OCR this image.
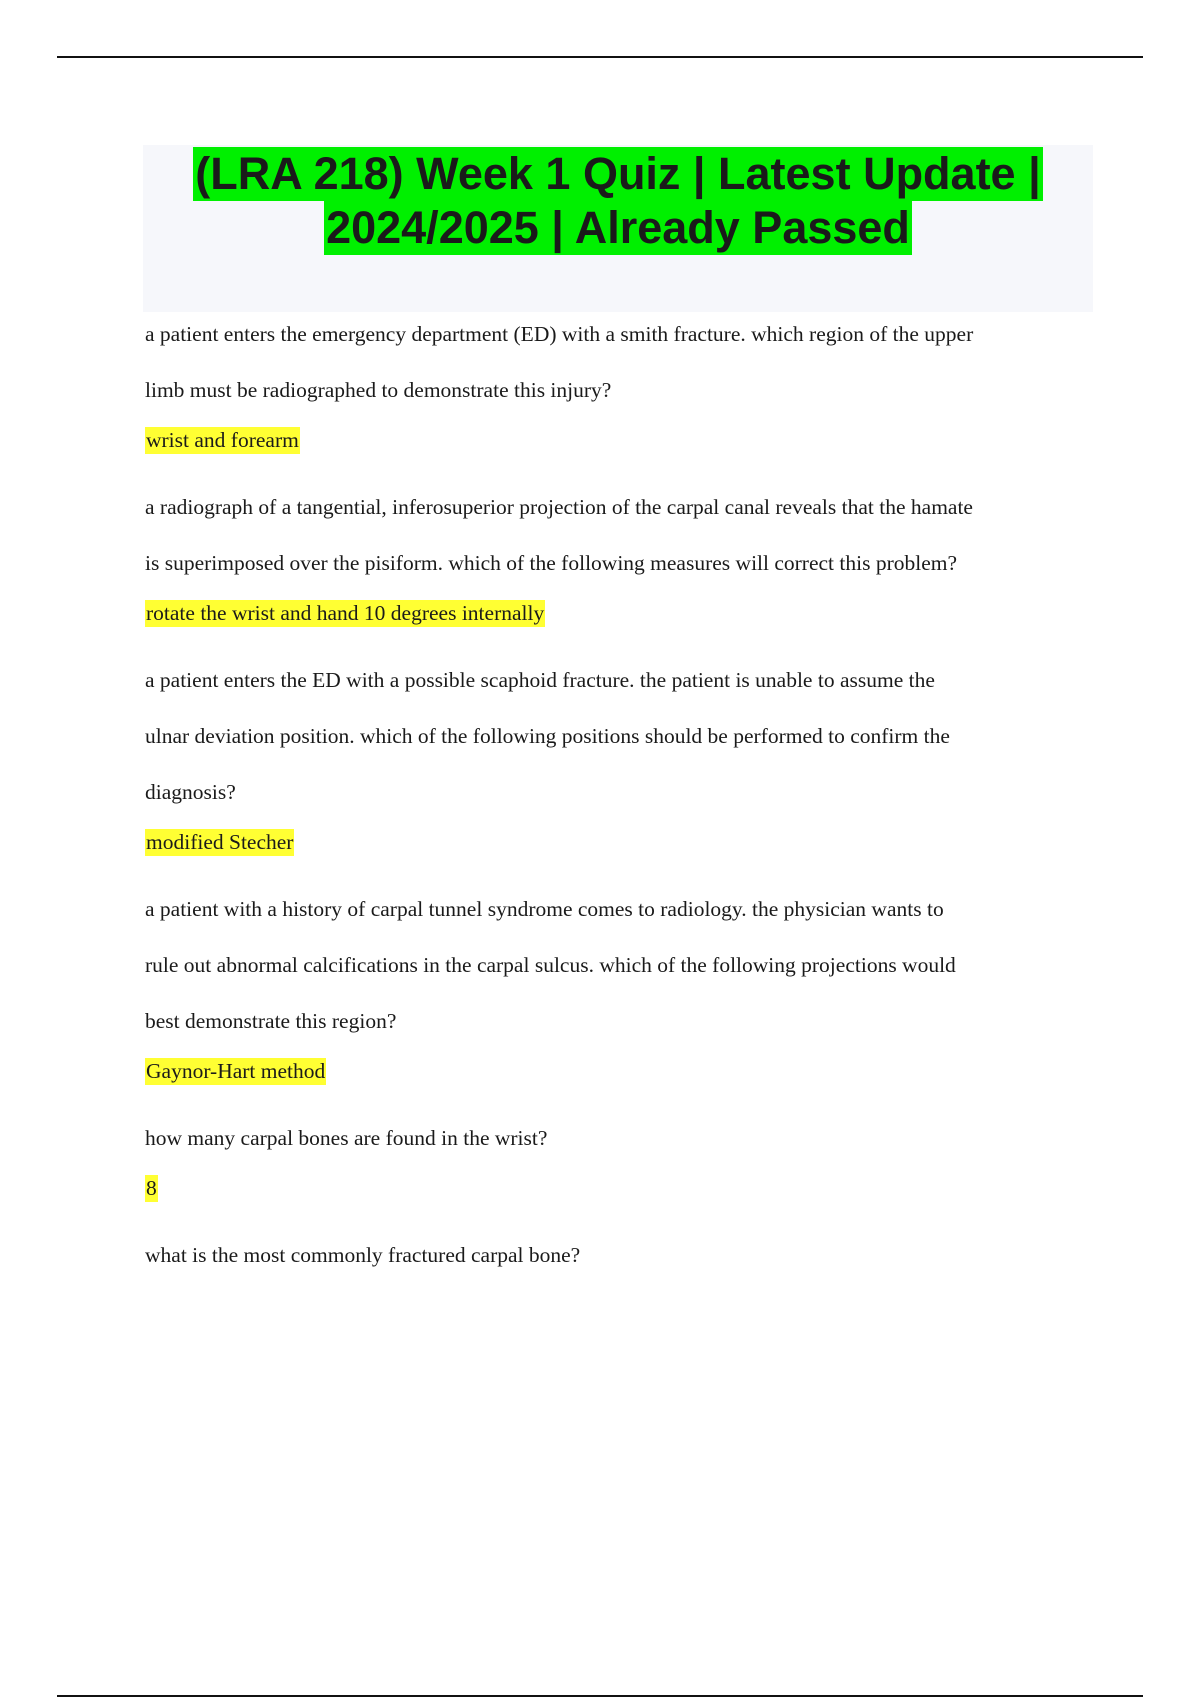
(LRA 218) Week 1 Quiz | Latest Update |
2024/2025 | Already Passed
a patient enters the emergency department (ED) with a smith fracture. which region of the upper
limb must be radiographed to demonstrate this injury?
wrist and forearm
a radiograph of a tangential, inferosuperior projection of the carpal canal reveals that the hamate
is superimposed over the pisiform. which of the following measures will correct this problem?
rotate the wrist and hand 10 degrees internally
a patient enters the ED with a possible scaphoid fracture. the patient is unable to assume the
ulnar deviation position. which of the following positions should be performed to confirm the
diagnosis?
modified Stecher
a patient with a history of carpal tunnel syndrome comes to radiology. the physician wants to
rule out abnormal calcifications in the carpal sulcus. which of the following projections would
best demonstrate this region?
Gaynor-Hart method
how many carpal bones are found in the wrist?
8
what is the most commonly fractured carpal bone?
